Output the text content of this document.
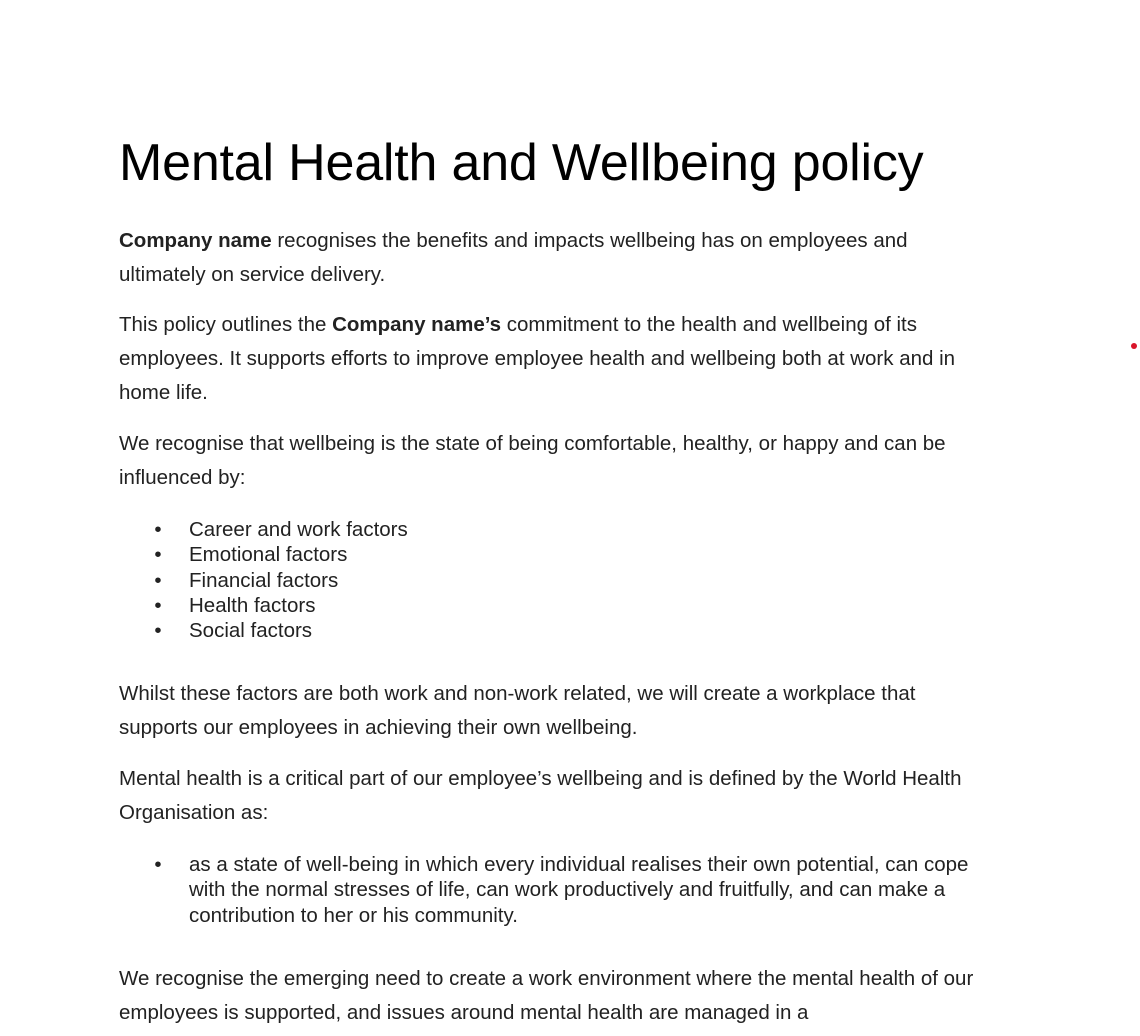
Mental Health and Wellbeing policy

Company name recognises the benefits and impacts wellbeing has on employees and ultimately on service delivery.

This policy outlines the Company name’s commitment to the health and wellbeing of its employees. It supports efforts to improve employee health and wellbeing both at work and in home life.

We recognise that wellbeing is the state of being comfortable, healthy, or happy and can be influenced by:

• Career and work factors
• Emotional factors
• Financial factors
• Health factors
• Social factors

Whilst these factors are both work and non-work related, we will create a workplace that supports our employees in achieving their own wellbeing.

Mental health is a critical part of our employee’s wellbeing and is defined by the World Health Organisation as:

• as a state of well-being in which every individual realises their own potential, can cope with the normal stresses of life, can work productively and fruitfully, and can make a contribution to her or his community.

We recognise the emerging need to create a work environment where the mental health of our employees is supported, and issues around mental health are managed in a
